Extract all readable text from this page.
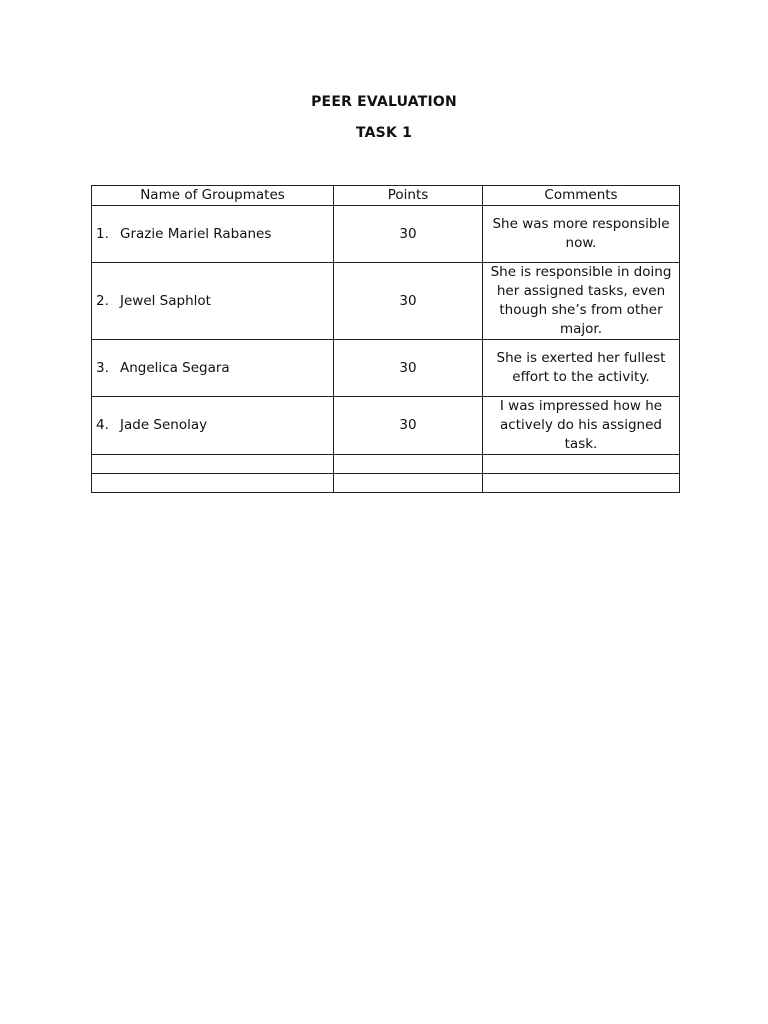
PEER EVALUATION
TASK 1
Name of Groupmates	Points	Comments
1. Grazie Mariel Rabanes	30	She was more responsible now.
2. Jewel Saphlot	30	She is responsible in doing her assigned tasks, even though she’s from other major.
3. Angelica Segara	30	She is exerted her fullest effort to the activity.
4. Jade Senolay	30	I was impressed how he actively do his assigned task.
